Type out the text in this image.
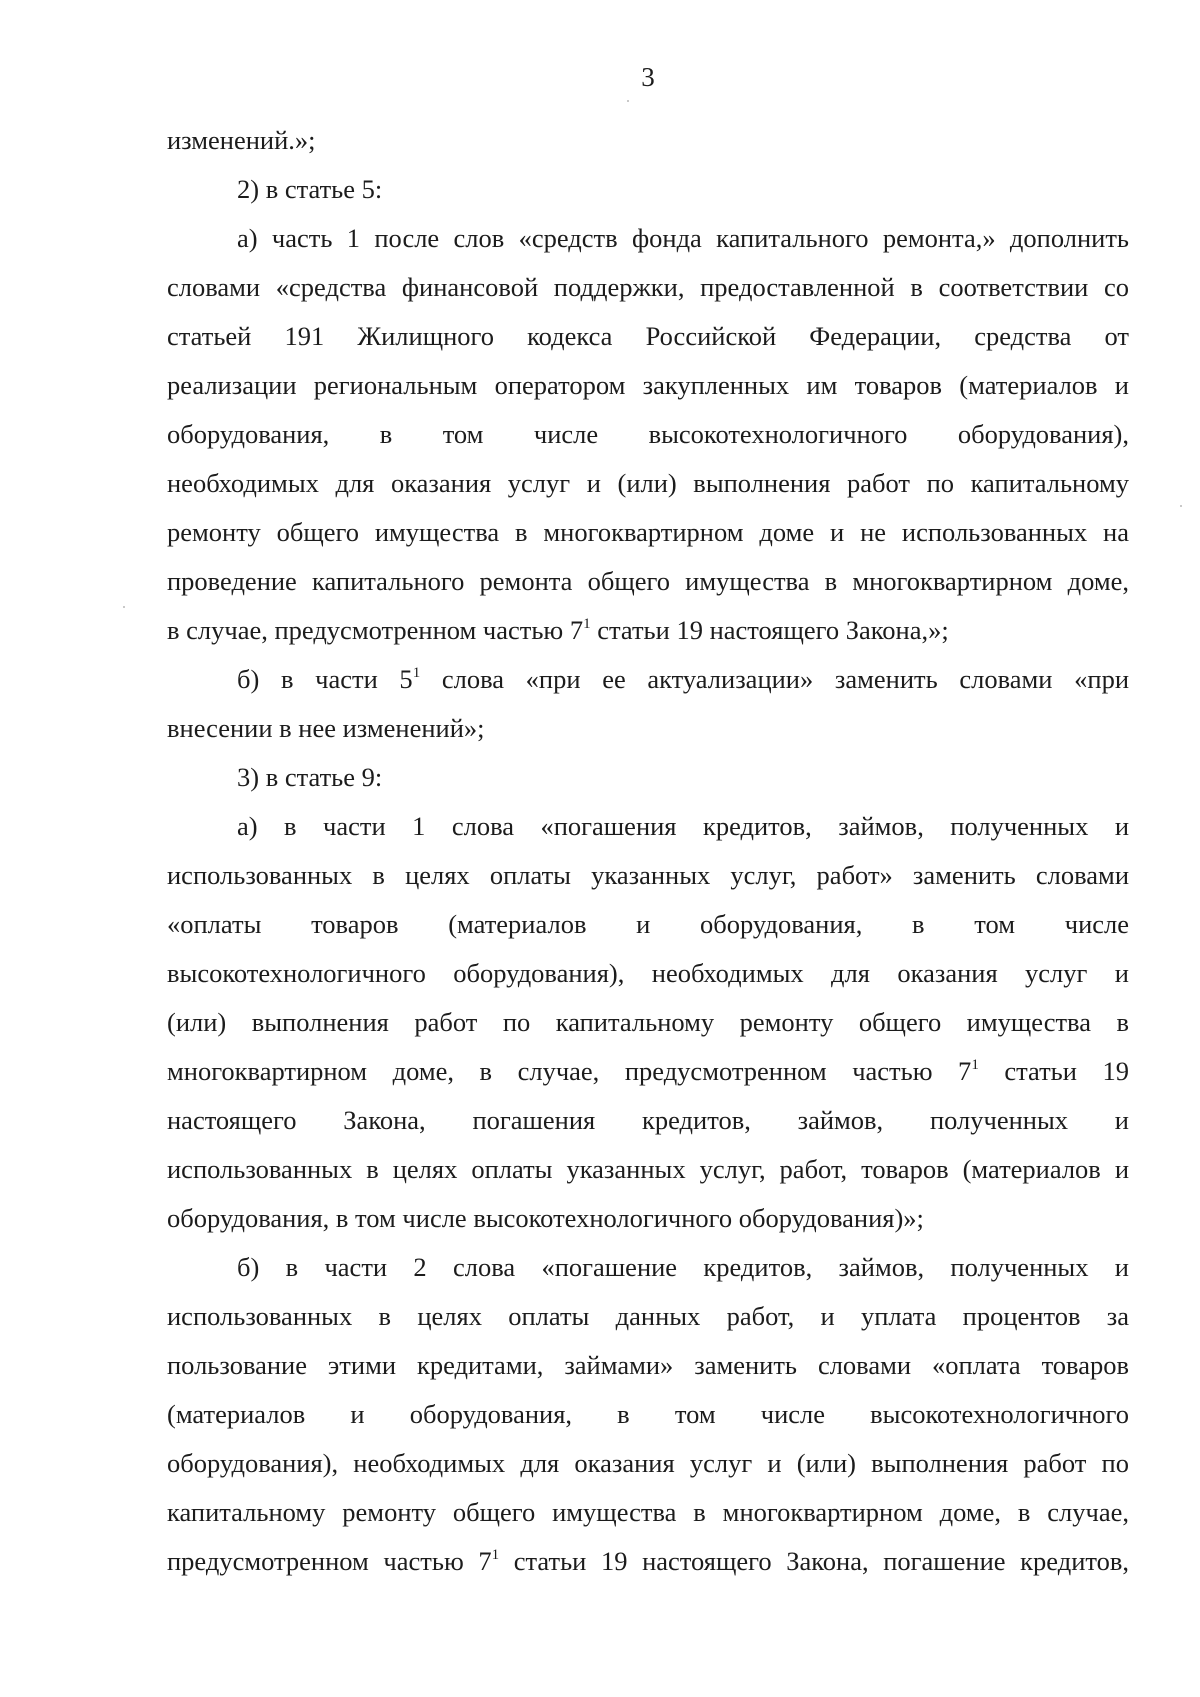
3
изменений.»;
2) в статье 5:
а) часть 1 после слов «средств фонда капитального ремонта,» дополнить
словами «средства финансовой поддержки, предоставленной в соответствии со
статьей 191 Жилищного кодекса Российской Федерации, средства от
реализации региональным оператором закупленных им товаров (материалов и
оборудования, в том числе высокотехнологичного оборудования),
необходимых для оказания услуг и (или) выполнения работ по капитальному
ремонту общего имущества в многоквартирном доме и не использованных на
проведение капитального ремонта общего имущества в многоквартирном доме,
в случае, предусмотренном частью $7^1$ статьи 19 настоящего Закона,»;
б) в части $5^1$ слова «при ее актуализации» заменить словами «при
внесении в нее изменений»;
3) в статье 9:
а) в части 1 слова «погашения кредитов, займов, полученных и
использованных в целях оплаты указанных услуг, работ» заменить словами
«оплаты товаров (материалов и оборудования, в том числе
высокотехнологичного оборудования), необходимых для оказания услуг и
(или) выполнения работ по капитальному ремонту общего имущества в
многоквартирном доме, в случае, предусмотренном частью $7^1$ статьи 19
настоящего Закона, погашения кредитов, займов, полученных и
использованных в целях оплаты указанных услуг, работ, товаров (материалов и
оборудования, в том числе высокотехнологичного оборудования)»;
б) в части 2 слова «погашение кредитов, займов, полученных и
использованных в целях оплаты данных работ, и уплата процентов за
пользование этими кредитами, займами» заменить словами «оплата товаров
(материалов и оборудования, в том числе высокотехнологичного
оборудования), необходимых для оказания услуг и (или) выполнения работ по
капитальному ремонту общего имущества в многоквартирном доме, в случае,
предусмотренном частью $7^1$ статьи 19 настоящего Закона, погашение кредитов,
